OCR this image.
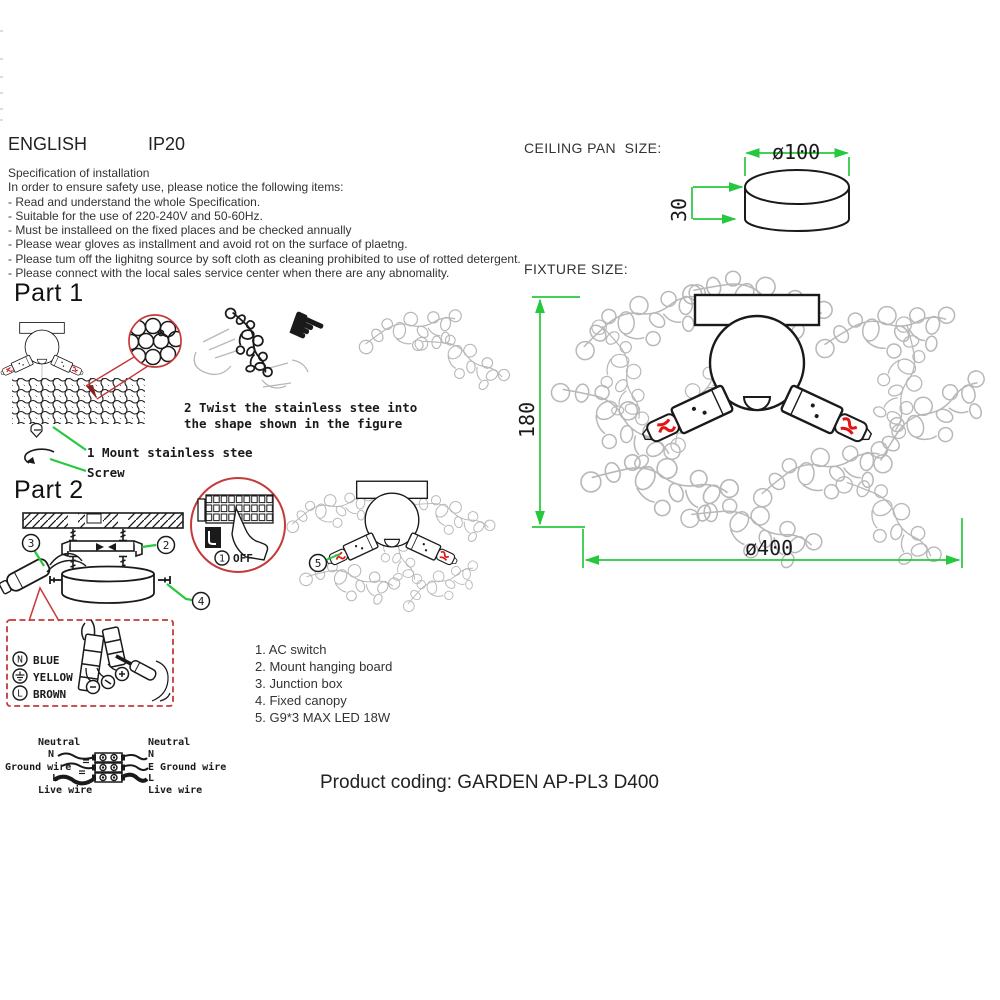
☛
2 Twist the stainless stee into
the shape shown in the figure
1 Mount stainless stee
Screw
3	2
4
1 OFF	5
N BLUE
YELLOW
L BROWN
Neutral
N
Ground wire
L
Live wire
Neutral
N
E Ground wire
L
Live wire
ø100
30
180
ø400
ENGLISH	IP20	CEILING PAN  SIZE:
FIXTURE SIZE:
Specification of installation
In order to ensure safety use, please notice the following items:
- Read and understand the whole Specification.
- Suitable for the use of 220-240V and 50-60Hz.
- Must be installeed on the fixed places and be checked annually
- Please wear gloves as installment and avoid rot on the surface of plaetng.
- Please tum off the lighitng source by soft cloth as cleaning prohibited to use of rotted detergent.
- Please connect with the local sales service center when there are any abnomality.
Part 1
Part 2
1. AC switch
2. Mount hanging board
3. Junction box
4. Fixed canopy
5. G9*3 MAX LED 18W
Product coding: GARDEN AP-PL3 D400
